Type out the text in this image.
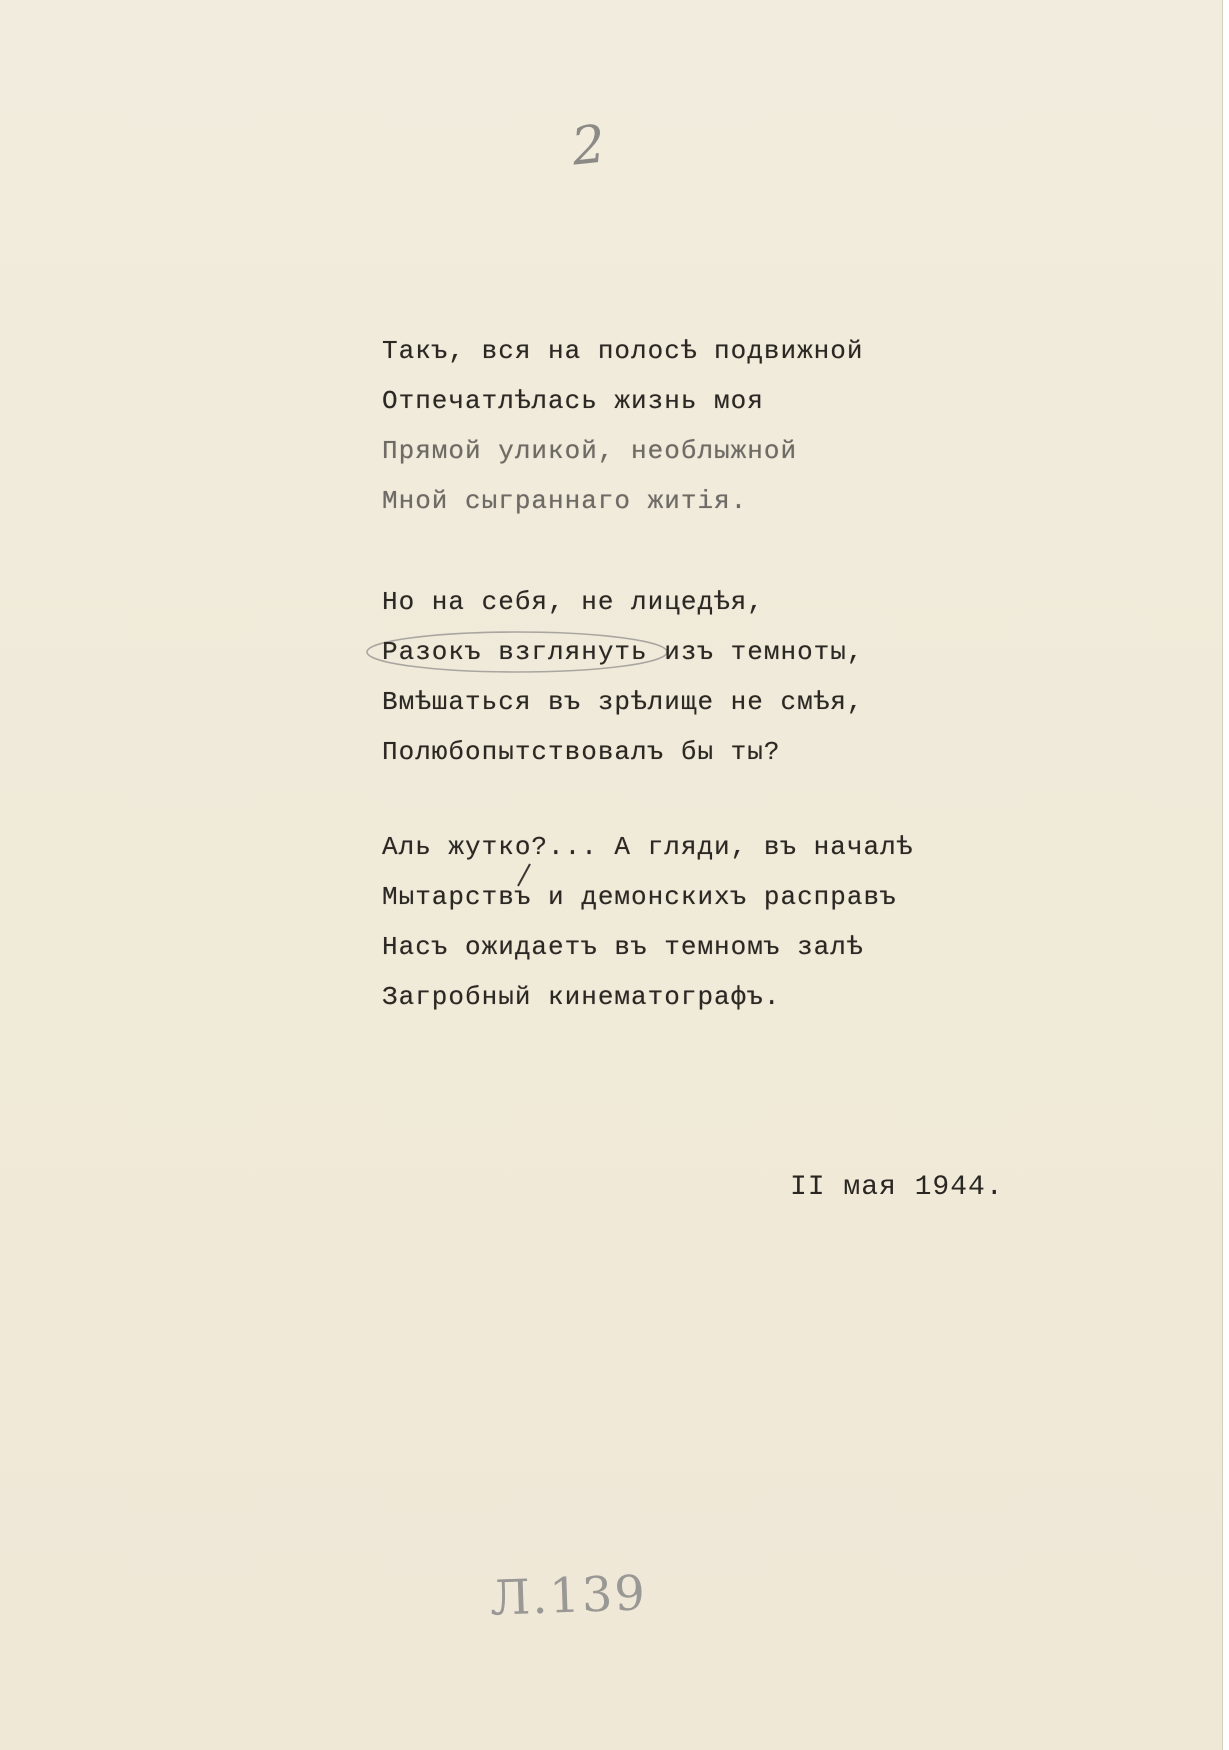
2
Такъ, вся на полосѣ подвижной
Отпечатлѣлась жизнь моя
Прямой уликой, необлыжной
Мной сыграннаго житія.
Но на себя, не лицедѣя,
Разокъ взглянуть изъ темноты,
Вмѣшаться въ зрѣлище не смѣя,
Полюбопытствовалъ бы ты?
Аль жутко?... А гляди, въ началѣ
Мытарствъ и демонскихъ расправъ
Насъ ожидаетъ въ темномъ залѣ
Загробный кинематографъ.
II мая 1944.
Л.139
